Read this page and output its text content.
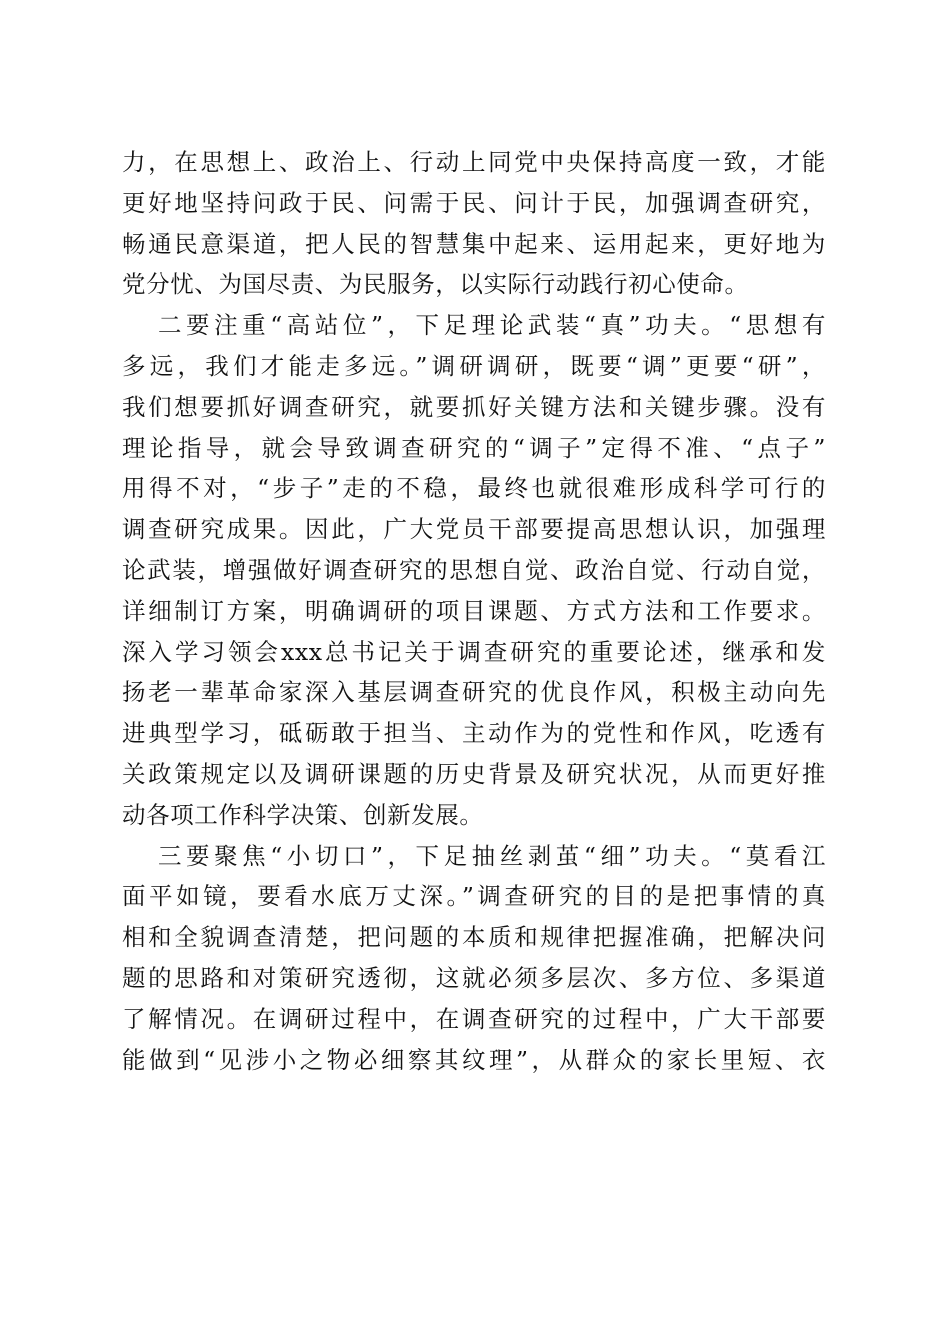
力，在思想上、政治上、行动上同党中央保持高度一致，才能
更好地坚持问政于民、问需于民、问计于民，加强调查研究，
畅通民意渠道，把人民的智慧集中起来、运用起来，更好地为
党分忧、为国尽责、为民服务，以实际行动践行初心使命。
二要注重“高站位”，下足理论武装“真”功夫。“思想有
多远，我们才能走多远。”调研调研，既要“调”更要“研”，
我们想要抓好调查研究，就要抓好关键方法和关键步骤。没有
理论指导，就会导致调查研究的“调子”定得不准、“点子”
用得不对，“步子”走的不稳，最终也就很难形成科学可行的
调查研究成果。因此，广大党员干部要提高思想认识，加强理
论武装，增强做好调查研究的思想自觉、政治自觉、行动自觉，
详细制订方案，明确调研的项目课题、方式方法和工作要求。
深入学习领会xxx总书记关于调查研究的重要论述，继承和发
扬老一辈革命家深入基层调查研究的优良作风，积极主动向先
进典型学习，砥砺敢于担当、主动作为的党性和作风，吃透有
关政策规定以及调研课题的历史背景及研究状况，从而更好推
动各项工作科学决策、创新发展。
三要聚焦“小切口”，下足抽丝剥茧“细”功夫。“莫看江
面平如镜，要看水底万丈深。”调查研究的目的是把事情的真
相和全貌调查清楚，把问题的本质和规律把握准确，把解决问
题的思路和对策研究透彻，这就必须多层次、多方位、多渠道
了解情况。在调研过程中，在调查研究的过程中，广大干部要
能做到“见涉小之物必细察其纹理”，从群众的家长里短、衣
